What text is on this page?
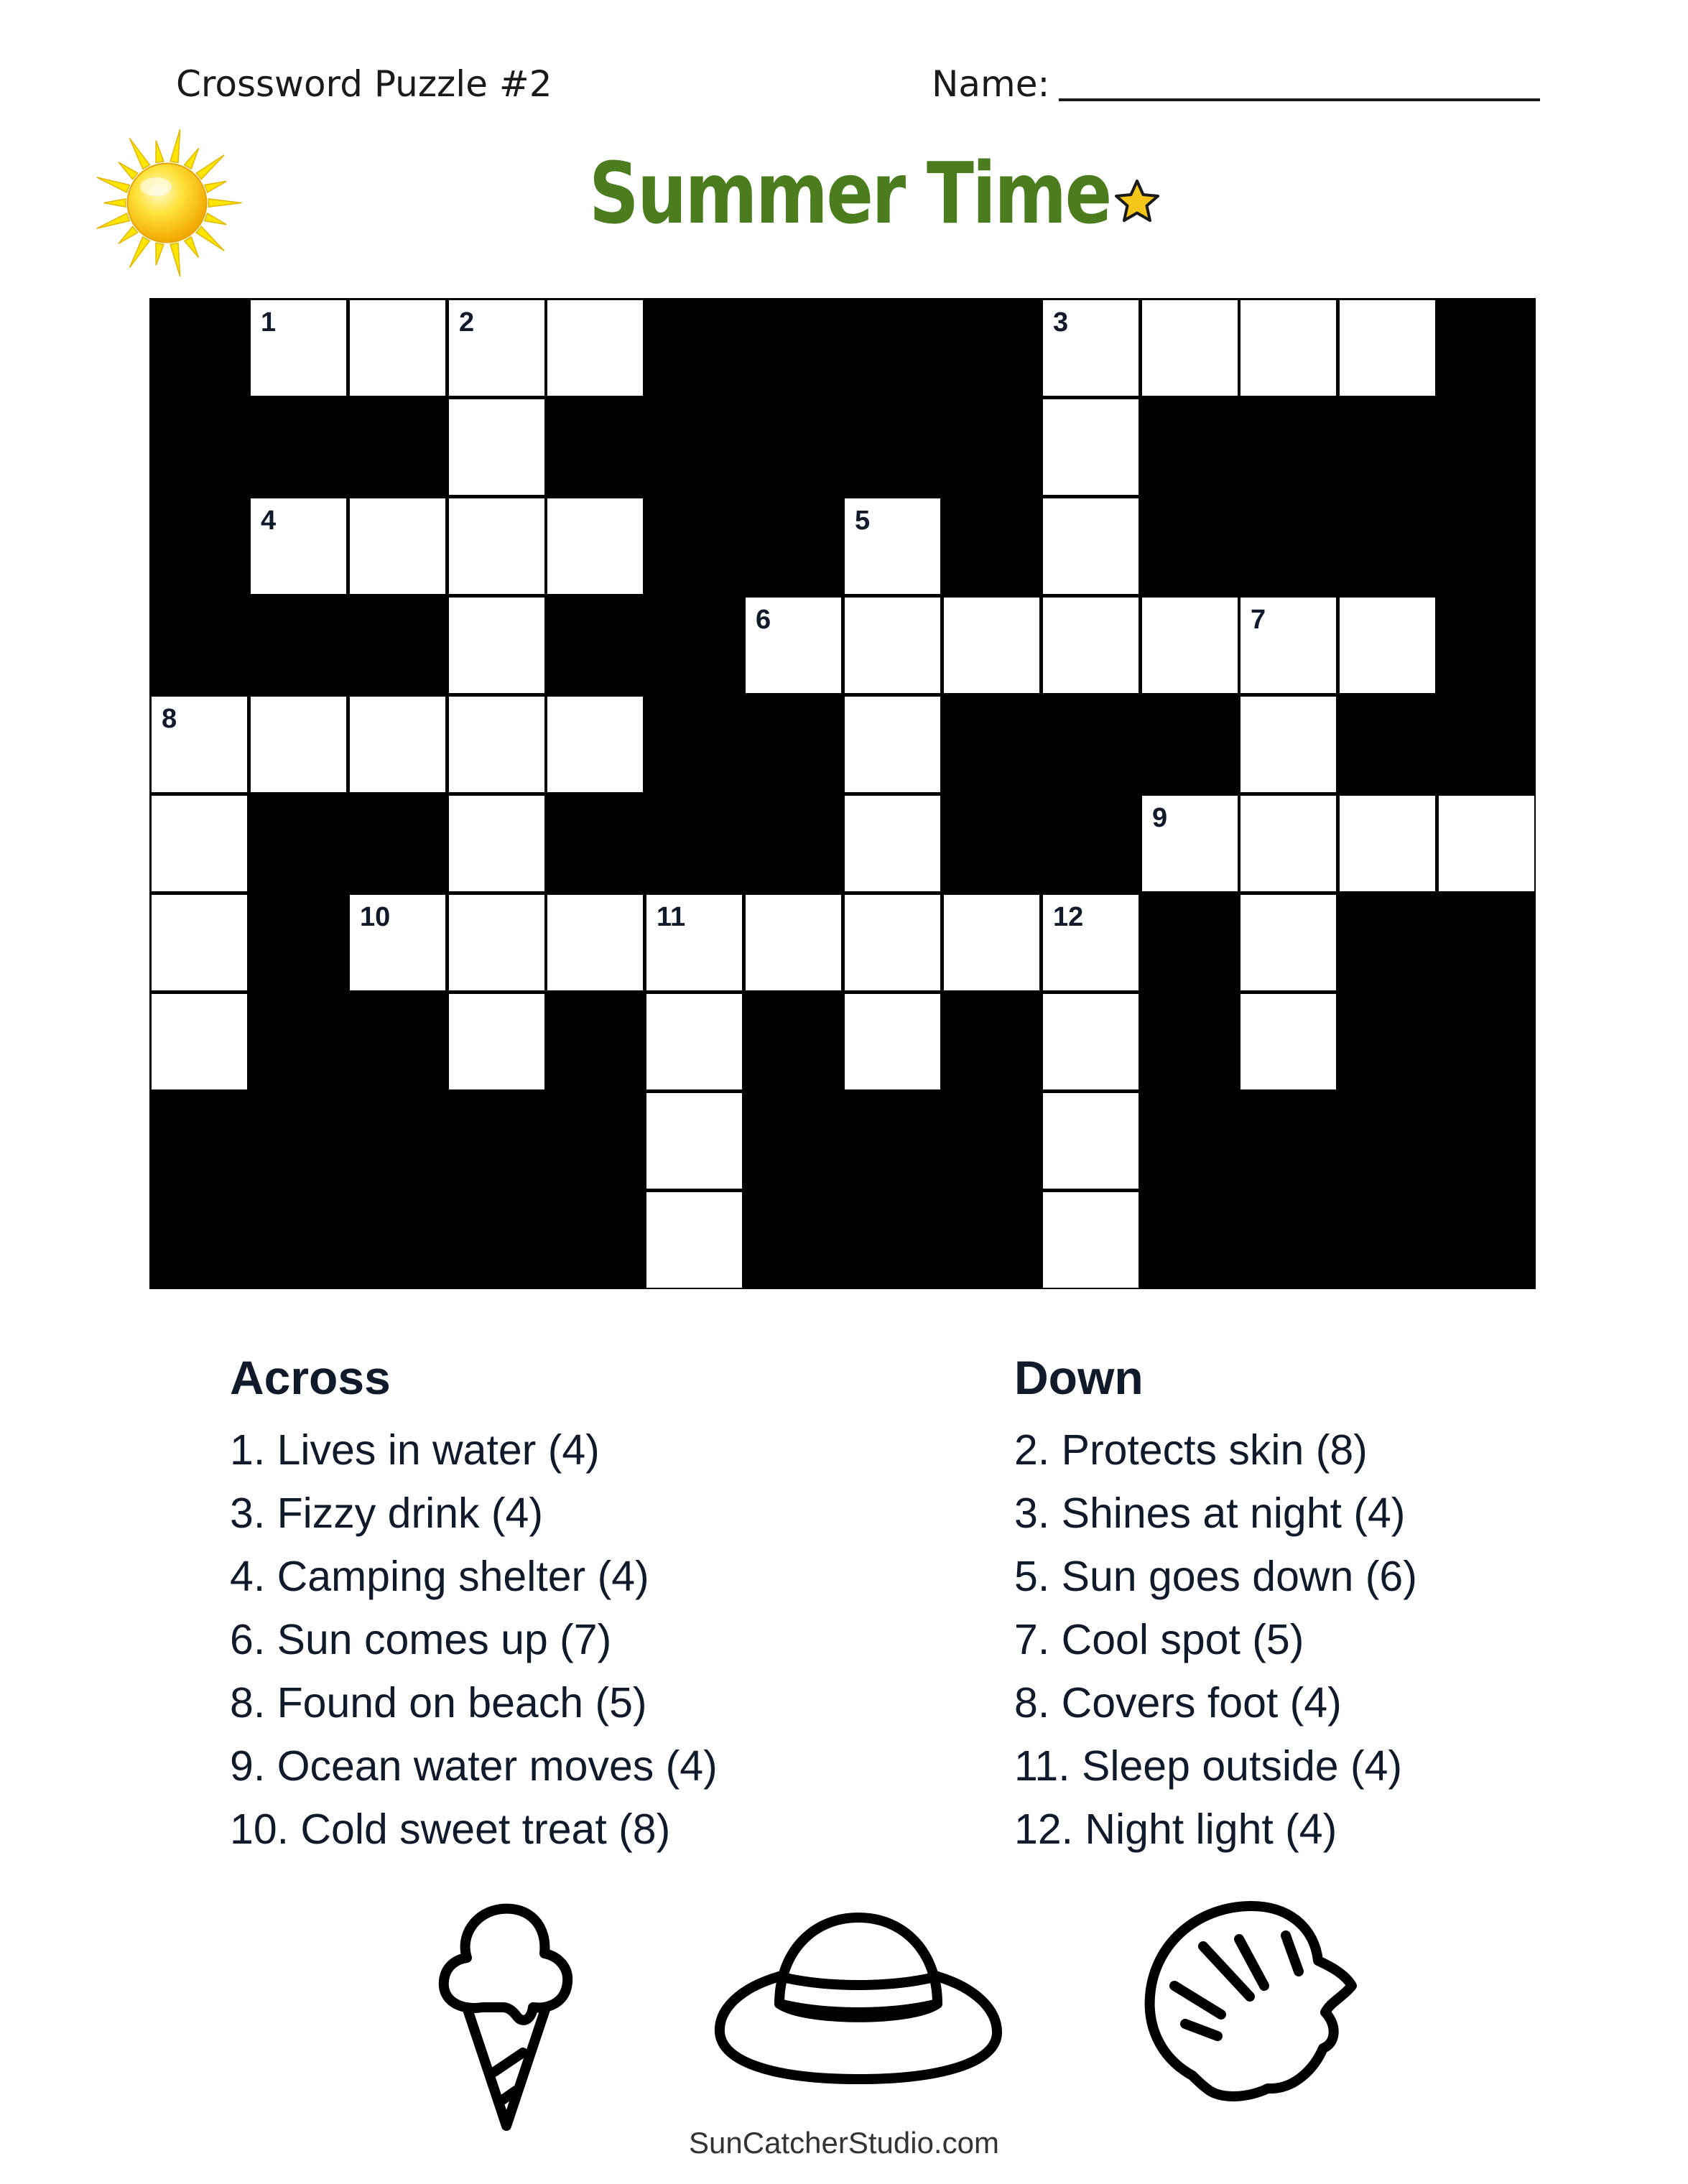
Crossword Puzzle #2	Name:
Summer Time
1	2	3
4	5
6	7
8
9
10	11	12
Across
1. Lives in water (4)
3. Fizzy drink (4)
4. Camping shelter (4)
6. Sun comes up (7)
8. Found on beach (5)
9. Ocean water moves (4)
10. Cold sweet treat (8)
Down
2. Protects skin (8)
3. Shines at night (4)
5. Sun goes down (6)
7. Cool spot (5)
8. Covers foot (4)
11. Sleep outside (4)
12. Night light (4)
SunCatcherStudio.com
